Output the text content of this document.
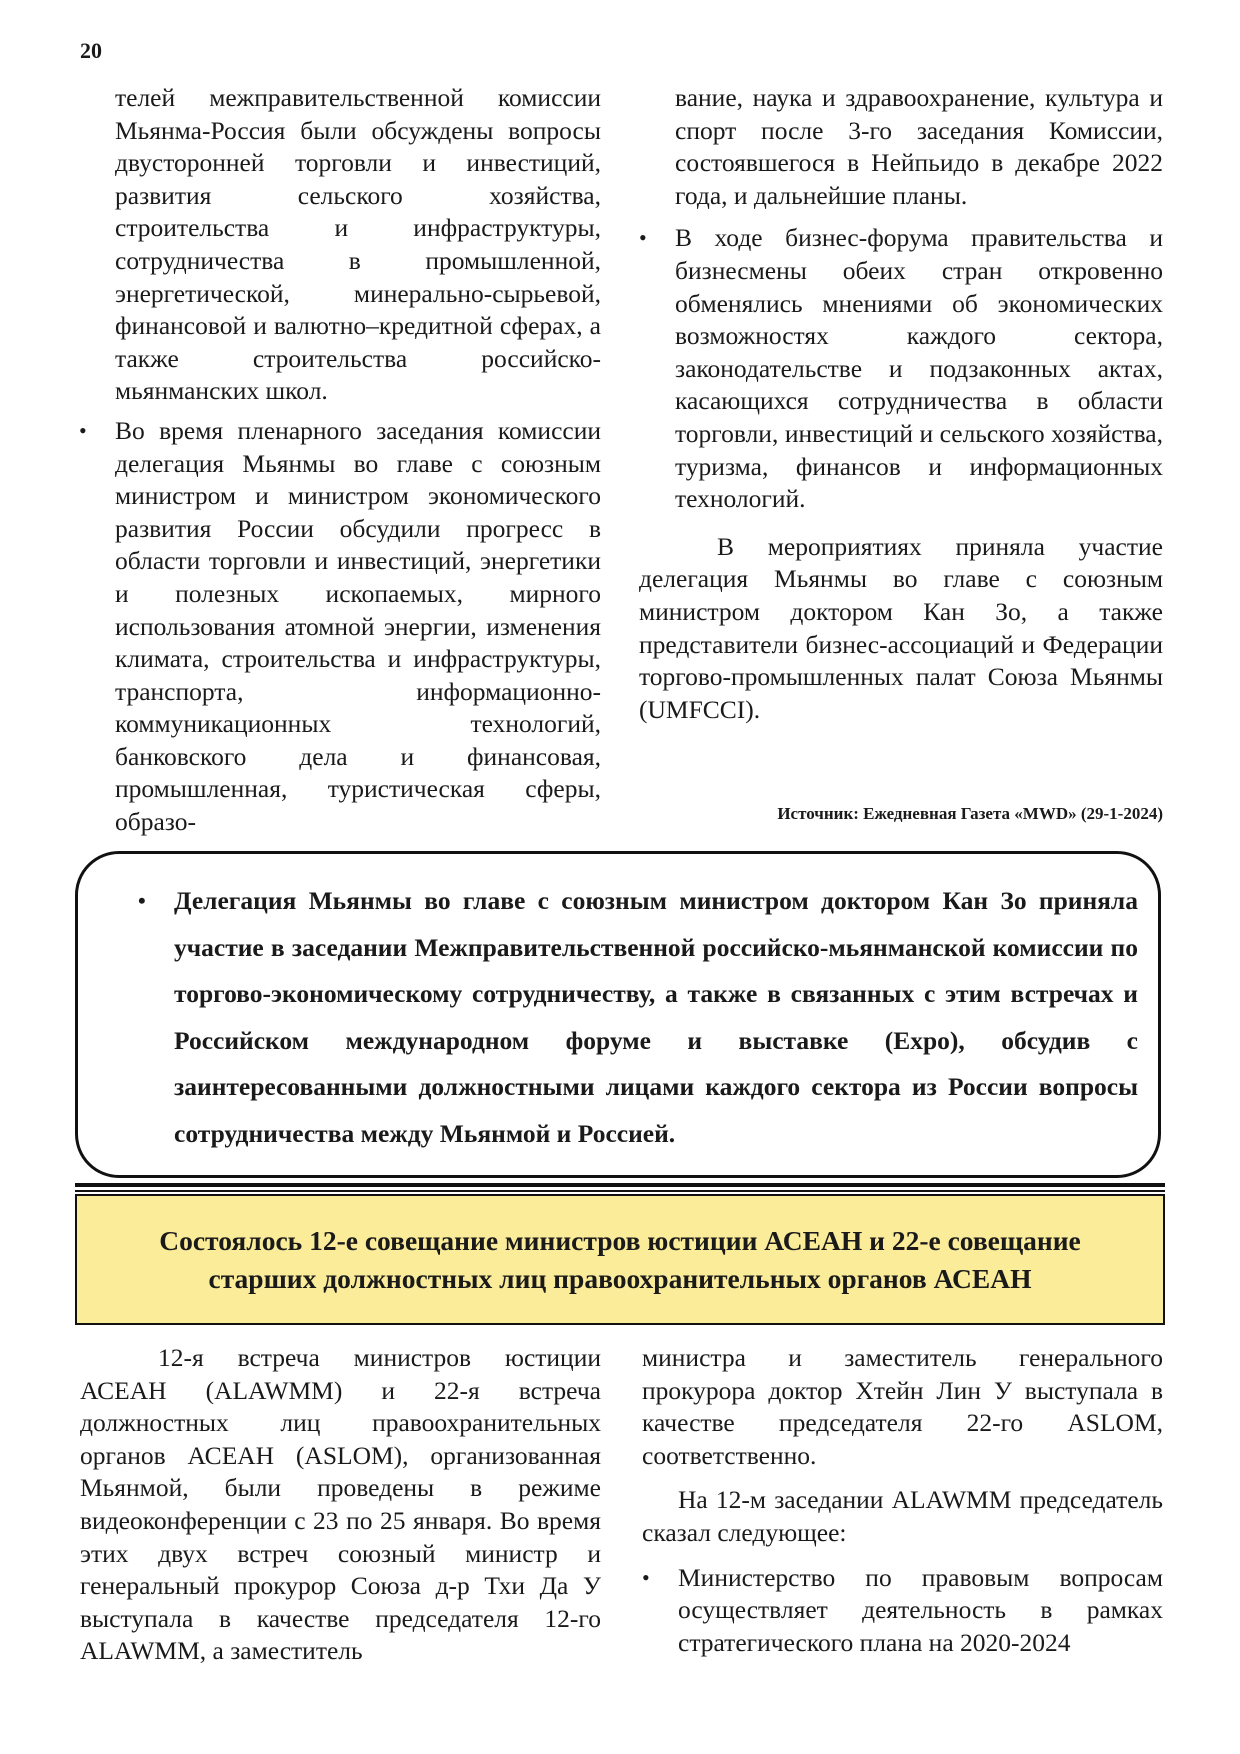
20

телей межправительственной комиссии Мьянма-Россия были обсуждены вопросы двусторонней торговли и инвестиций, развития сельского хозяйства, строительства и инфраструктуры, сотрудничества в промышленной, энергетической, минерально-сырьевой, финансовой и валютно–кредитной сферах, а также строительства российско-мьянманских школ.

• Во время пленарного заседания комиссии делегация Мьянмы во главе с союзным министром и министром экономического развития России обсудили прогресс в области торговли и инвестиций, энергетики и полезных ископаемых, мирного использования атомной энергии, изменения климата, строительства и инфраструктуры, транспорта, информационно-коммуникационных технологий, банковского дела и финансовая, промышленная, туристическая сферы, образо-

вание, наука и здравоохранение, культура и спорт после 3-го заседания Комиссии, состоявшегося в Нейпьидо в декабре 2022 года, и дальнейшие планы.

• В ходе бизнес-форума правительства и бизнесмены обеих стран откровенно обменялись мнениями об экономических возможностях каждого сектора, законодательстве и подзаконных актах, касающихся сотрудничества в области торговли, инвестиций и сельского хозяйства, туризма, финансов и информационных технологий.

В мероприятиях приняла участие делегация Мьянмы во главе с союзным министром доктором Кан Зо, а также представители бизнес-ассоциаций и Федерации торгово-промышленных палат Союза Мьянмы (UMFCCI).

Источник: Ежедневная Газета «MWD» (29-1-2024)

• Делегация Мьянмы во главе с союзным министром доктором Кан Зо приняла участие в заседании Межправительственной российско-мьянманской комиссии по торгово-экономическому сотрудничеству, а также в связанных с этим встречах и Российском международном форуме и выставке (Expo), обсудив с заинтересованными должностными лицами каждого сектора из России вопросы сотрудничества между Мьянмой и Россией.

Состоялось 12-е совещание министров юстиции АСЕАН и 22-е совещание
старших должностных лиц правоохранительных органов АСЕАН

12-я встреча министров юстиции АСЕАН (ALAWMM) и 22-я встреча должностных лиц правоохранительных органов АСЕАН (ASLOM), организованная Мьянмой, были проведены в режиме видеоконференции с 23 по 25 января. Во время этих двух встреч союзный министр и генеральный прокурор Союза д-р Тхи Да У выступала в качестве председателя 12-го ALAWMM, а заместитель

министра и заместитель генерального прокурора доктор Хтейн Лин У выступала в качестве председателя 22-го ASLOM, соответственно.

На 12-м заседании ALAWMM председатель сказал следующее:

• Министерство по правовым вопросам осуществляет деятельность в рамках стратегического плана на 2020-2024
